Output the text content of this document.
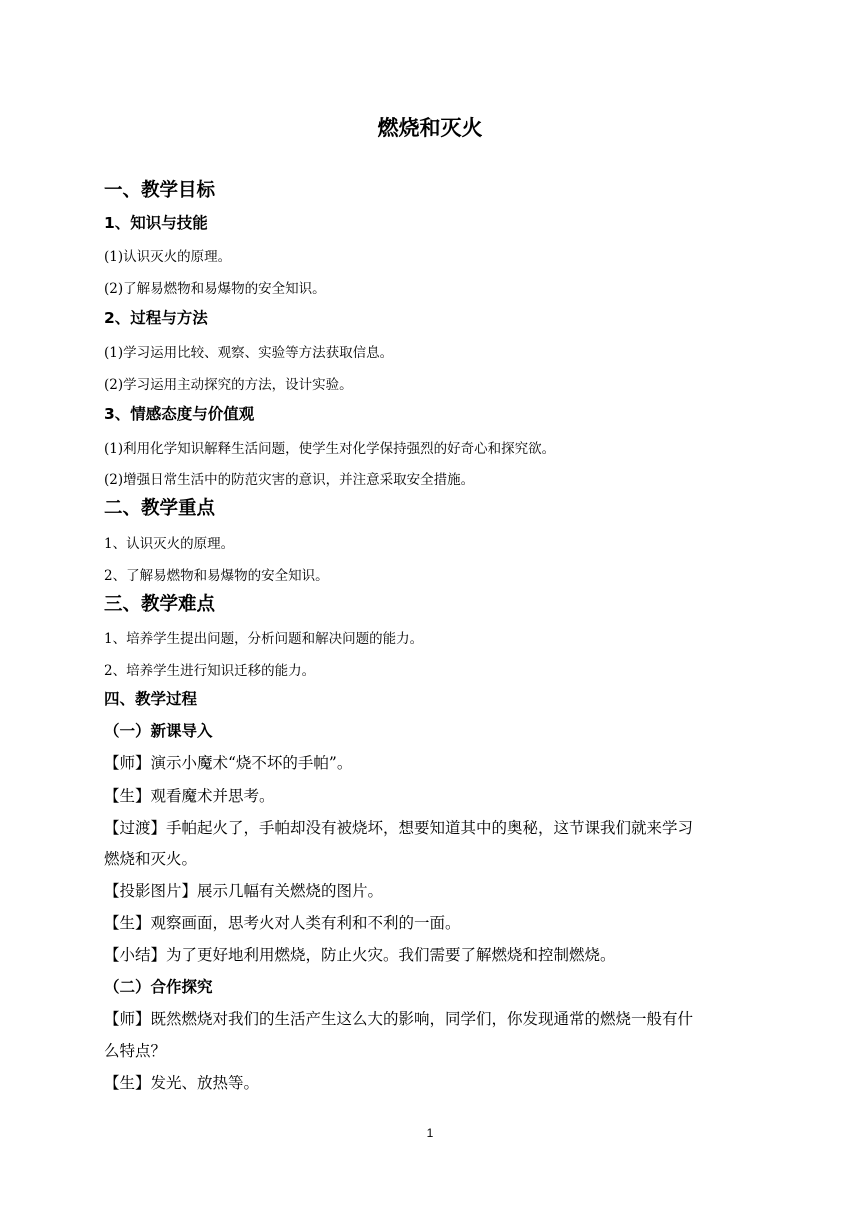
燃烧和灭火
一、教学目标
1、知识与技能
(1)认识灭火的原理。
(2)了解易燃物和易爆物的安全知识。
2、过程与方法
(1)学习运用比较、观察、实验等方法获取信息。
(2)学习运用主动探究的方法，设计实验。
3、情感态度与价值观
(1)利用化学知识解释生活问题，使学生对化学保持强烈的好奇心和探究欲。
(2)增强日常生活中的防范灾害的意识，并注意采取安全措施。
二、教学重点
1、认识灭火的原理。
2、了解易燃物和易爆物的安全知识。
三、教学难点
1、培养学生提出问题，分析问题和解决问题的能力。
2、培养学生进行知识迁移的能力。
四、教学过程
（一）新课导入
【师】演示小魔术“烧不坏的手帕”。
【生】观看魔术并思考。
【过渡】手帕起火了，手帕却没有被烧坏，想要知道其中的奥秘，这节课我们就来学习
燃烧和灭火。
【投影图片】展示几幅有关燃烧的图片。
【生】观察画面，思考火对人类有利和不利的一面。
【小结】为了更好地利用燃烧，防止火灾。我们需要了解燃烧和控制燃烧。
（二）合作探究
【师】既然燃烧对我们的生活产生这么大的影响，同学们，你发现通常的燃烧一般有什
么特点？
【生】发光、放热等。
1
